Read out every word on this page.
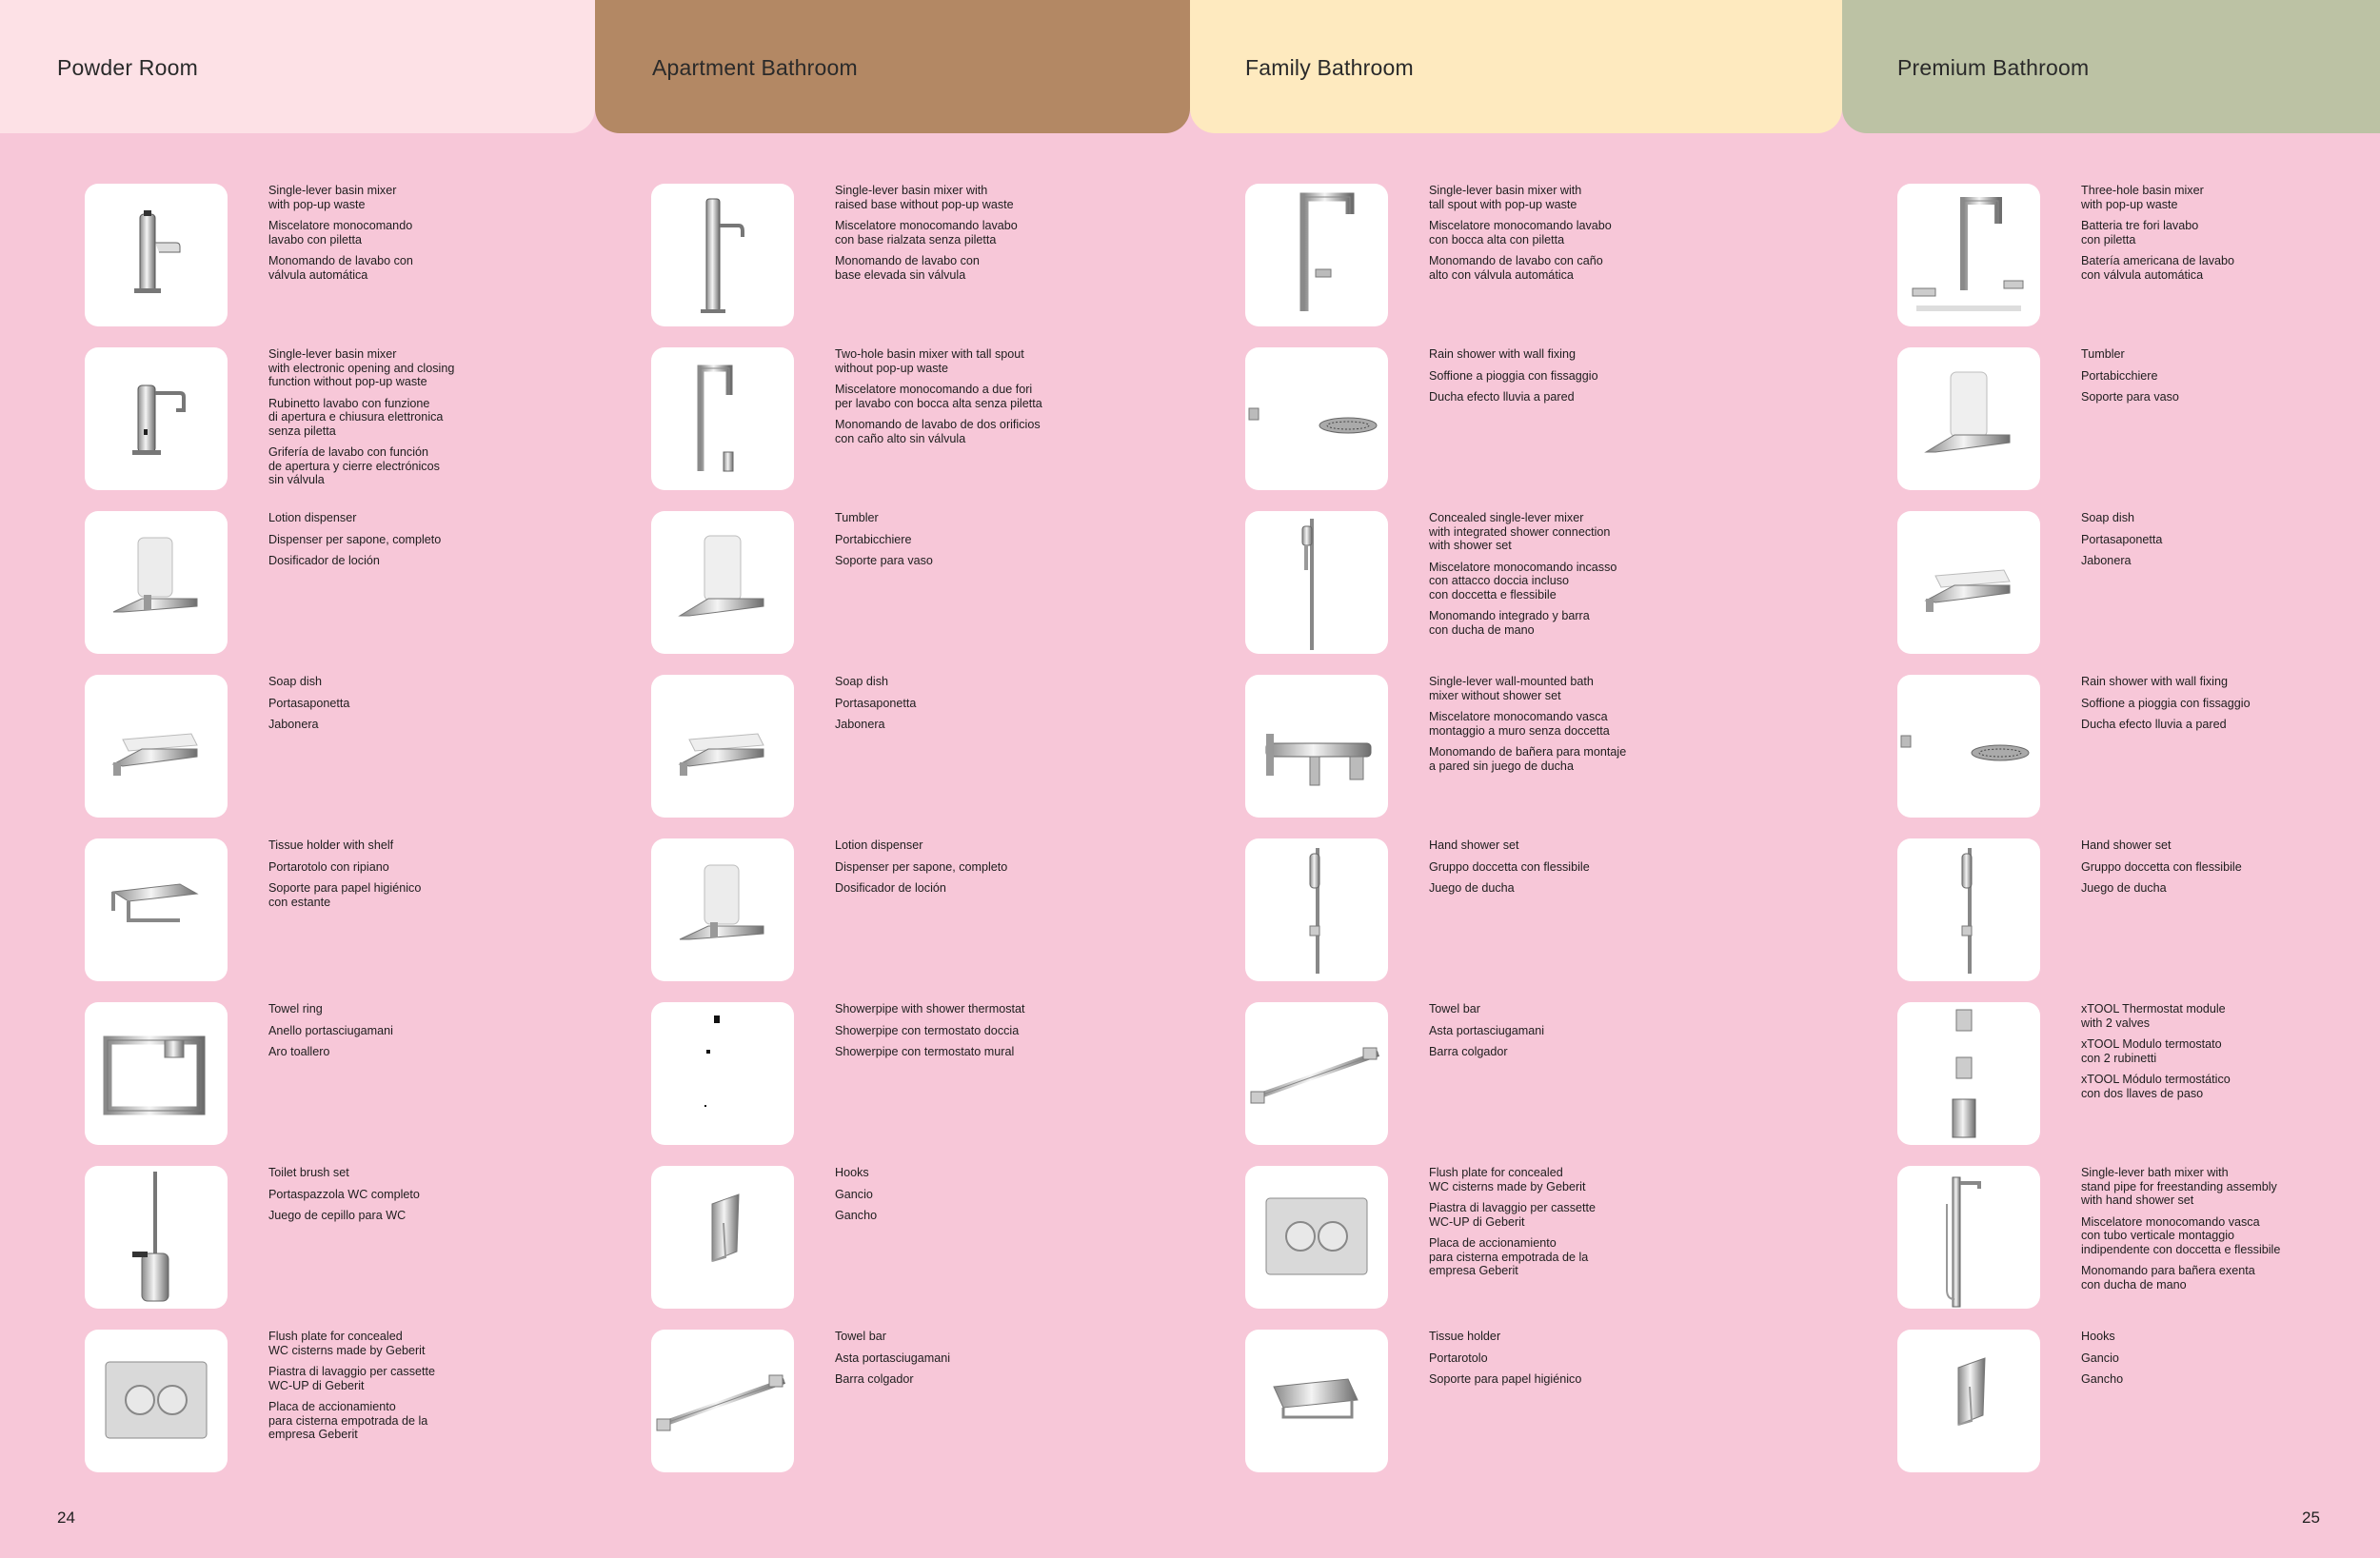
Powder Room	Apartment Bathroom	Family Bathroom	Premium Bathroom

Single-lever basin mixer
with pop-up waste

Miscelatore monocomando
lavabo con piletta

Monomando de lavabo con
válvula automática

Single-lever basin mixer
with electronic opening and closing
function without pop-up waste

Rubinetto lavabo con funzione
di apertura e chiusura elettronica
senza piletta

Grifería de lavabo con función
de apertura y cierre electrónicos
sin válvula

Lotion dispenser

Dispenser per sapone, completo

Dosificador de loción

Soap dish

Portasaponetta

Jabonera

Tissue holder with shelf

Portarotolo con ripiano

Soporte para papel higiénico
con estante

Towel ring

Anello portasciugamani

Aro toallero

Toilet brush set

Portaspazzola WC completo

Juego de cepillo para WC

Flush plate for concealed
WC cisterns made by Geberit

Piastra di lavaggio per cassette
WC-UP di Geberit

Placa de accionamiento
para cisterna empotrada de la
empresa Geberit

Single-lever basin mixer with
raised base without pop-up waste

Miscelatore monocomando lavabo
con base rialzata senza piletta

Monomando de lavabo con
base elevada sin válvula

Two-hole basin mixer with tall spout
without pop-up waste

Miscelatore monocomando a due fori
per lavabo con bocca alta senza piletta

Monomando de lavabo de dos orificios
con caño alto sin válvula

Tumbler

Portabicchiere

Soporte para vaso

Soap dish

Portasaponetta

Jabonera

Lotion dispenser

Dispenser per sapone, completo

Dosificador de loción

Showerpipe with shower thermostat

Showerpipe con termostato doccia

Showerpipe con termostato mural

Hooks

Gancio

Gancho

Towel bar

Asta portasciugamani

Barra colgador

Single-lever basin mixer with
tall spout with pop-up waste

Miscelatore monocomando lavabo
con bocca alta con piletta

Monomando de lavabo con caño
alto con válvula automática

Rain shower with wall fixing

Soffione a pioggia con fissaggio

Ducha efecto lluvia a pared

Concealed single-lever mixer
with integrated shower connection
with shower set

Miscelatore monocomando incasso
con attacco doccia incluso
con doccetta e flessibile

Monomando integrado y barra
con ducha de mano

Single-lever wall-mounted bath
mixer without shower set

Miscelatore monocomando vasca
montaggio a muro senza doccetta

Monomando de bañera para montaje
a pared sin juego de ducha

Hand shower set

Gruppo doccetta con flessibile

Juego de ducha

Towel bar

Asta portasciugamani

Barra colgador

Flush plate for concealed
WC cisterns made by Geberit

Piastra di lavaggio per cassette
WC-UP di Geberit

Placa de accionamiento
para cisterna empotrada de la
empresa Geberit

Tissue holder

Portarotolo

Soporte para papel higiénico

Three-hole basin mixer
with pop-up waste

Batteria tre fori lavabo
con piletta

Batería americana de lavabo
con válvula automática

Tumbler

Portabicchiere

Soporte para vaso

Soap dish

Portasaponetta

Jabonera

Rain shower with wall fixing

Soffione a pioggia con fissaggio

Ducha efecto lluvia a pared

Hand shower set

Gruppo doccetta con flessibile

Juego de ducha

xTOOL Thermostat module
with 2 valves

xTOOL Modulo termostato
con 2 rubinetti

xTOOL Módulo termostático
con dos llaves de paso

Single-lever bath mixer with
stand pipe for freestanding assembly
with hand shower set

Miscelatore monocomando vasca
con tubo verticale montaggio
indipendente con doccetta e flessibile

Monomando para bañera exenta
con ducha de mano

Hooks

Gancio

Gancho

24	25
